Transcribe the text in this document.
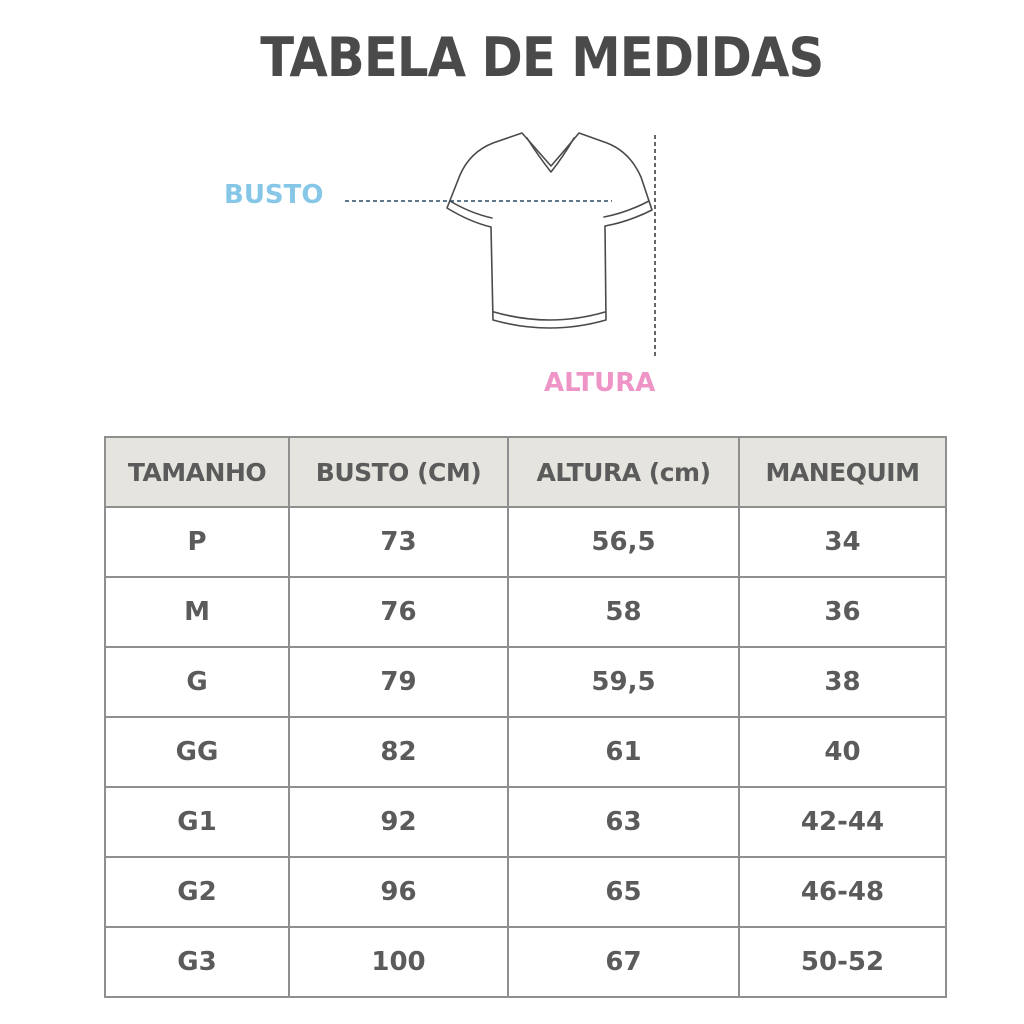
TABELA DE MEDIDAS
BUSTO
ALTURA
TAMANHO	BUSTO (CM)	ALTURA (cm)	MANEQUIM
P	73	56,5	34
M	76	58	36
G	79	59,5	38
GG	82	61	40
G1	92	63	42-44
G2	96	65	46-48
G3	100	67	50-52
